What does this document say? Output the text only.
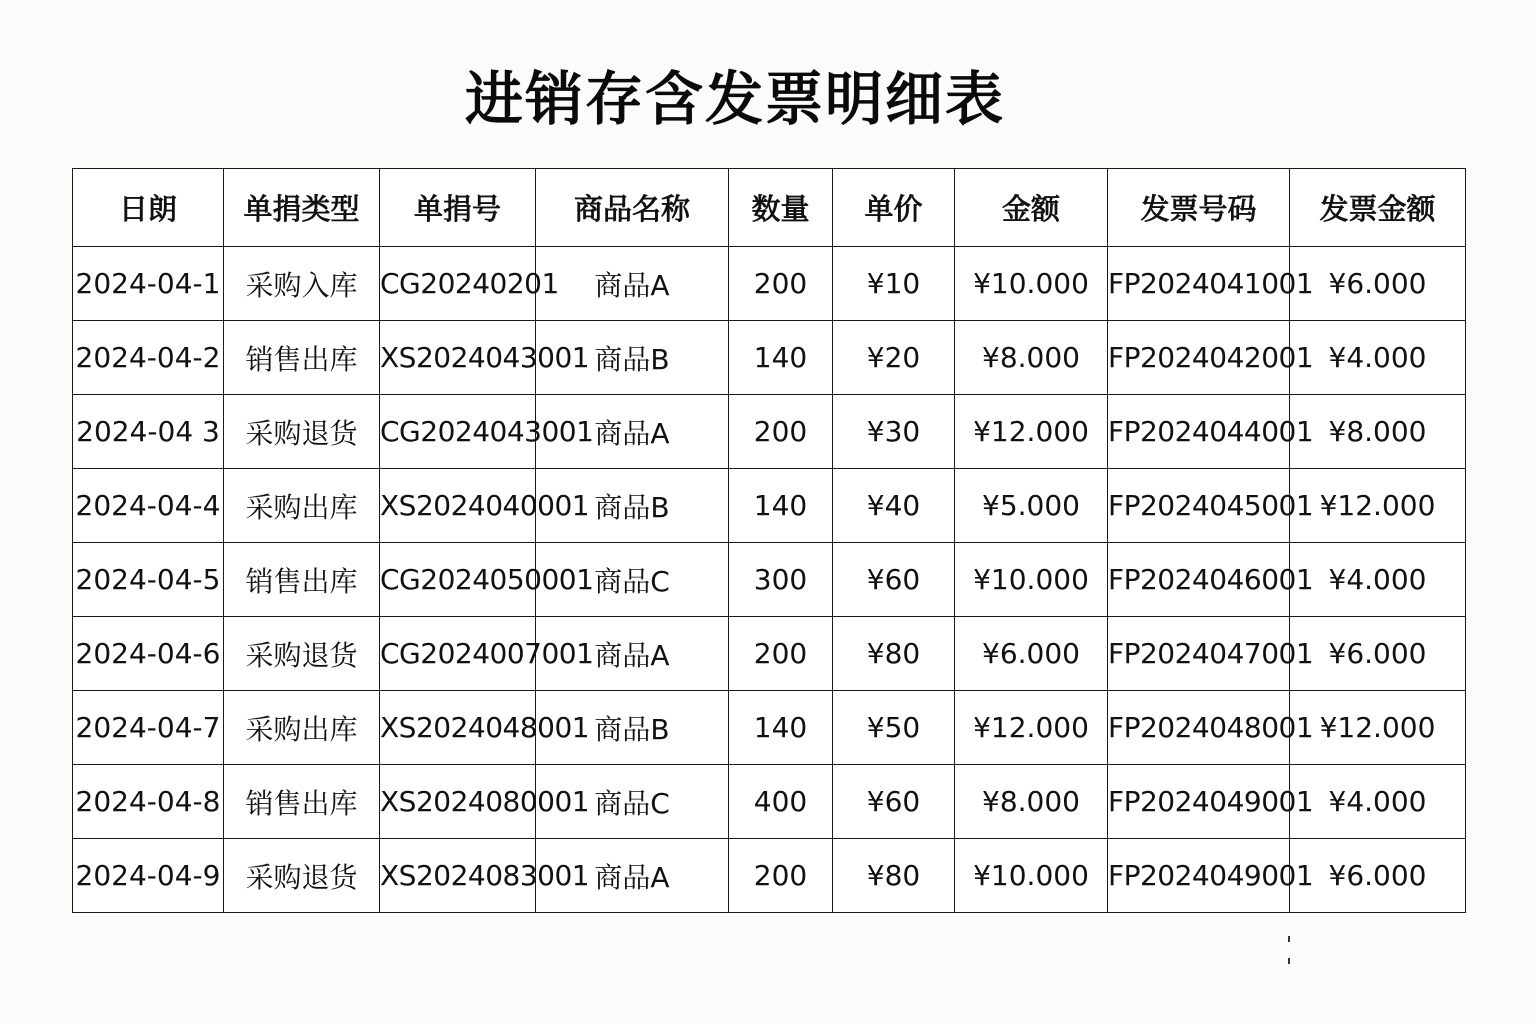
进销存含发票明细表
日朗	单捐类型	单捐号	商品名称	数量	单价	金额	发票号码	发票金额
2024-04-1	采购入库	CG20240201	商品A	200	¥10	¥10.000	FP2024041001	¥6.000
2024-04-2	销售出库	XS2024043001	商品B	140	¥20	¥8.000	FP2024042001	¥4.000
2024-04 3	采购退货	CG2024043001	商品A	200	¥30	¥12.000	FP2024044001	¥8.000
2024-04-4	采购出库	XS2024040001	商品B	140	¥40	¥5.000	FP2024045001	¥12.000
2024-04-5	销售出库	CG2024050001	商品C	300	¥60	¥10.000	FP2024046001	¥4.000
2024-04-6	采购退货	CG2024007001	商品A	200	¥80	¥6.000	FP2024047001	¥6.000
2024-04-7	采购出库	XS2024048001	商品B	140	¥50	¥12.000	FP2024048001	¥12.000
2024-04-8	销售出库	XS2024080001	商品C	400	¥60	¥8.000	FP2024049001	¥4.000
2024-04-9	采购退货	XS2024083001	商品A	200	¥80	¥10.000	FP2024049001	¥6.000
